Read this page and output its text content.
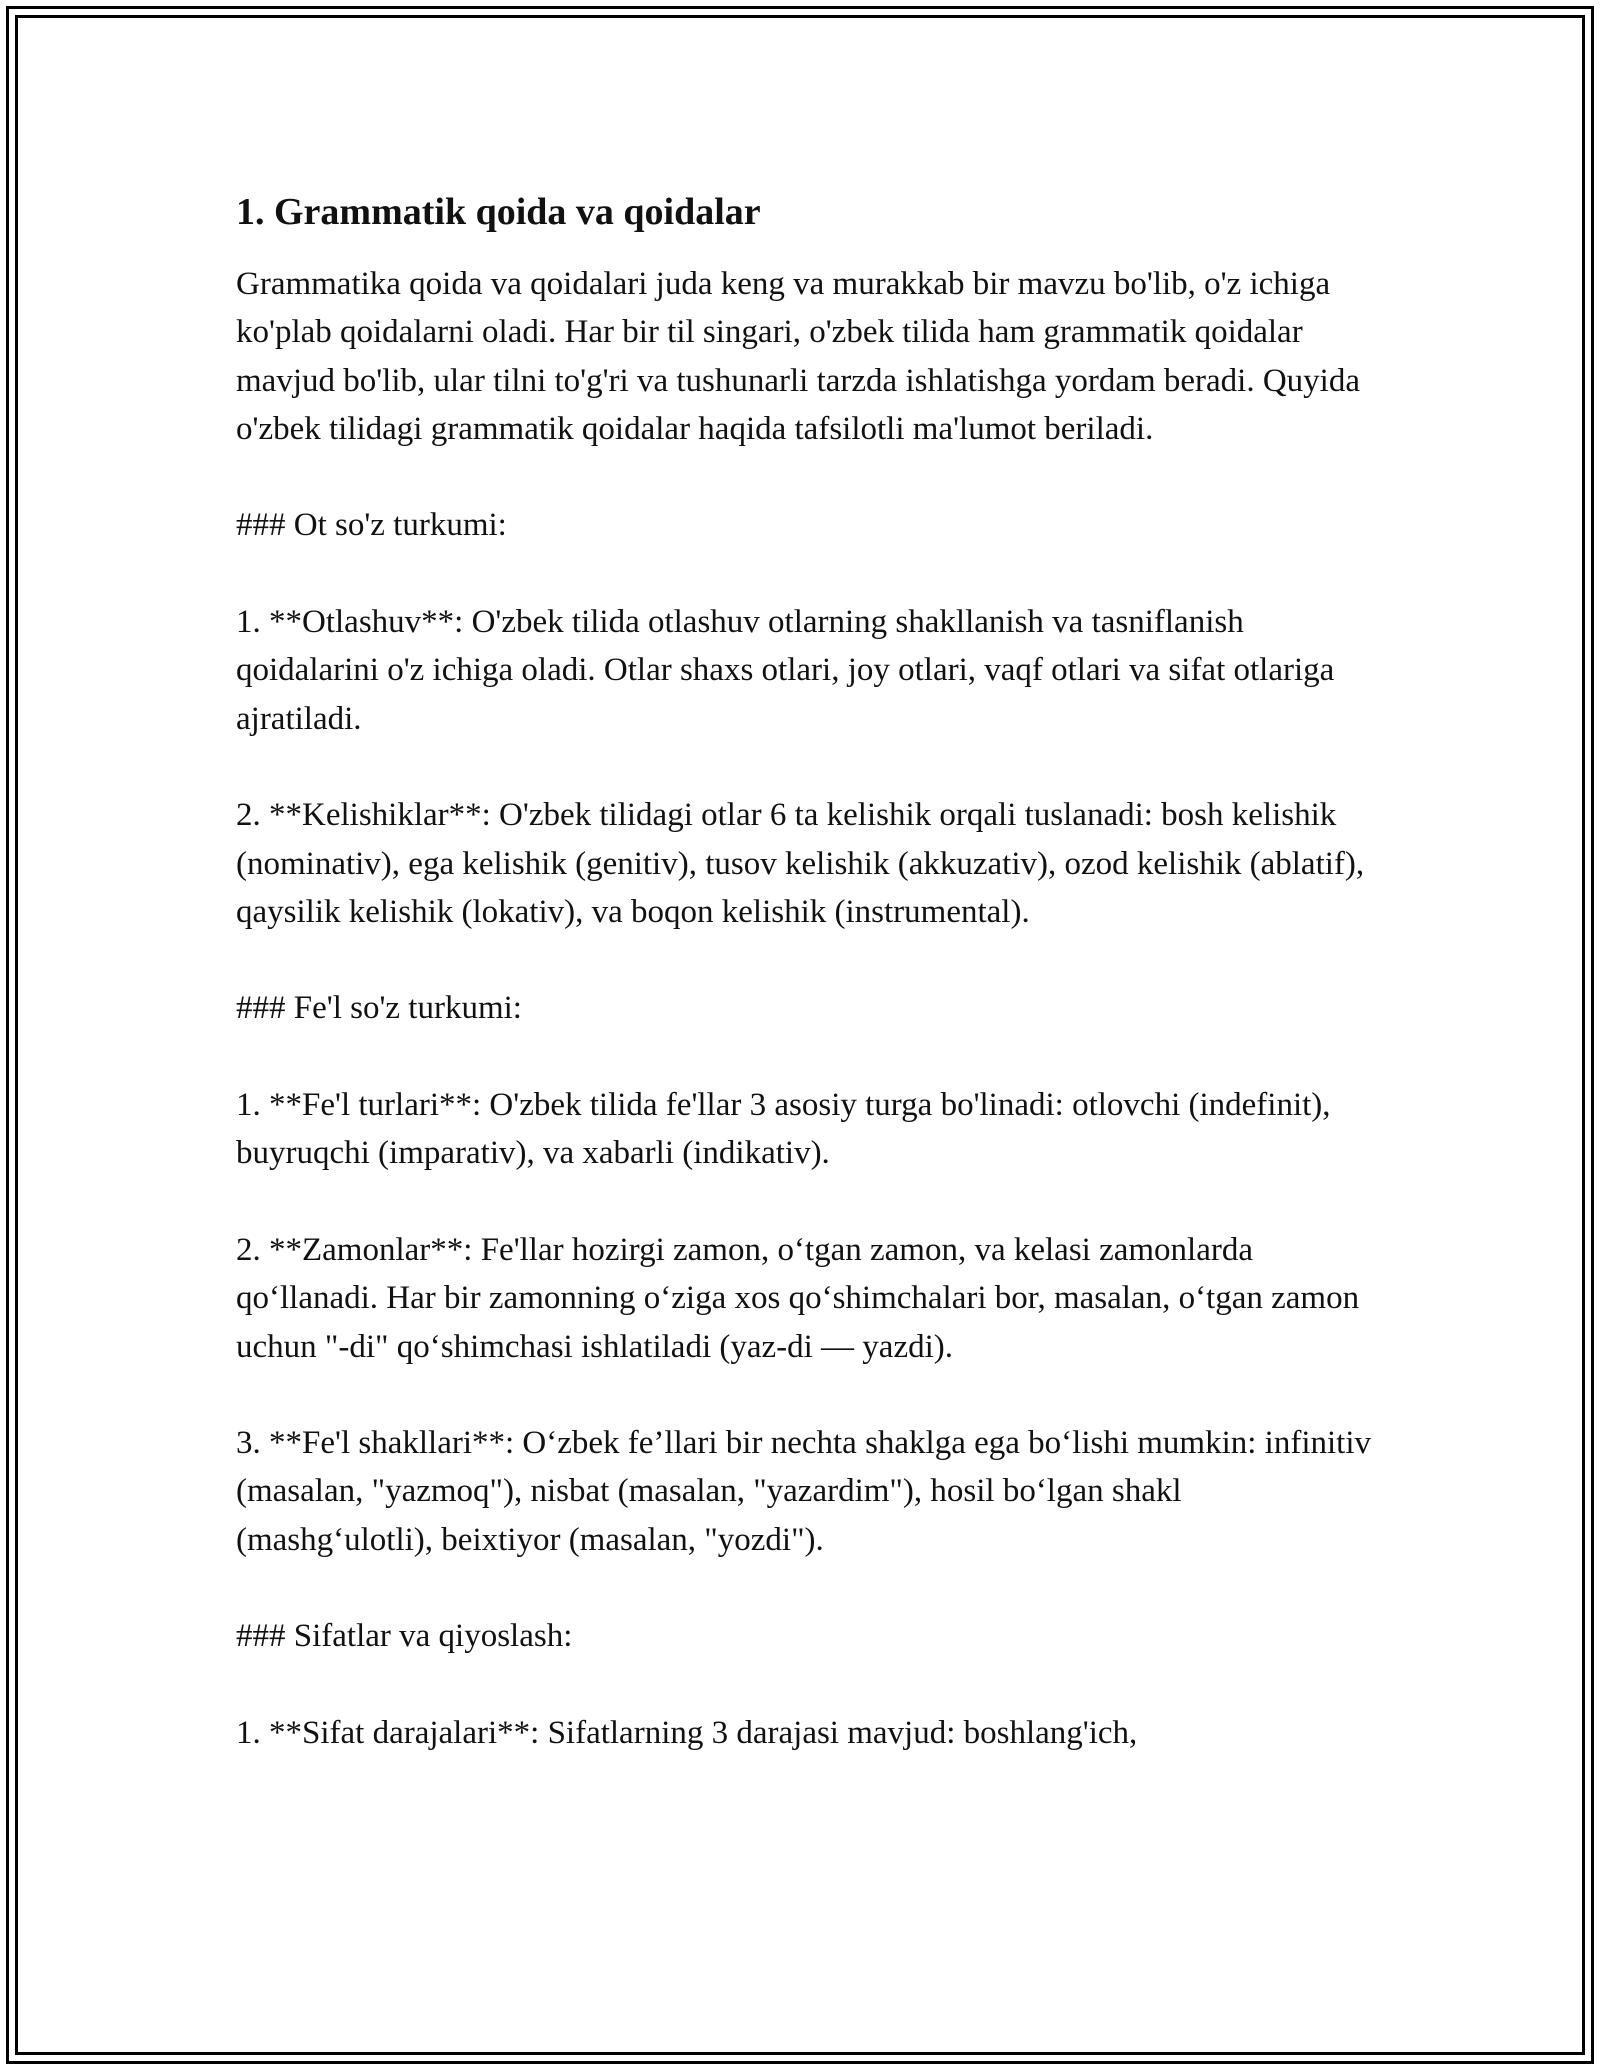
1. Grammatik qoida va qoidalar

Grammatika qoida va qoidalari juda keng va murakkab bir mavzu bo'lib, o'z ichiga ko'plab qoidalarni oladi. Har bir til singari, o'zbek tilida ham grammatik qoidalar mavjud bo'lib, ular tilni to'g'ri va tushunarli tarzda ishlatishga yordam beradi. Quyida o'zbek tilidagi grammatik qoidalar haqida tafsilotli ma'lumot beriladi.

### Ot so'z turkumi:

1. **Otlashuv**: O'zbek tilida otlashuv otlarning shakllanish va tasniflanish qoidalarini o'z ichiga oladi. Otlar shaxs otlari, joy otlari, vaqf otlari va sifat otlariga ajratiladi.

2. **Kelishiklar**: O'zbek tilidagi otlar 6 ta kelishik orqali tuslanadi: bosh kelishik (nominativ), ega kelishik (genitiv), tusov kelishik (akkuzativ), ozod kelishik (ablatif), qaysilik kelishik (lokativ), va boqon kelishik (instrumental).

### Fe'l so'z turkumi:

1. **Fe'l turlari**: O'zbek tilida fe'llar 3 asosiy turga bo'linadi: otlovchi (indefinit), buyruqchi (imparativ), va xabarli (indikativ).

2. **Zamonlar**: Fe'llar hozirgi zamon, o‘tgan zamon, va kelasi zamonlarda qo‘llanadi. Har bir zamonning o‘ziga xos qo‘shimchalari bor, masalan, o‘tgan zamon uchun "-di" qo‘shimchasi ishlatiladi (yaz-di — yazdi).

3. **Fe'l shakllari**: O‘zbek fe’llari bir nechta shaklga ega bo‘lishi mumkin: infinitiv (masalan, "yazmoq"), nisbat (masalan, "yazardim"), hosil bo‘lgan shakl (mashg‘ulotli), beixtiyor (masalan, "yozdi").

### Sifatlar va qiyoslash:

1. **Sifat darajalari**: Sifatlarning 3 darajasi mavjud: boshlang'ich,
